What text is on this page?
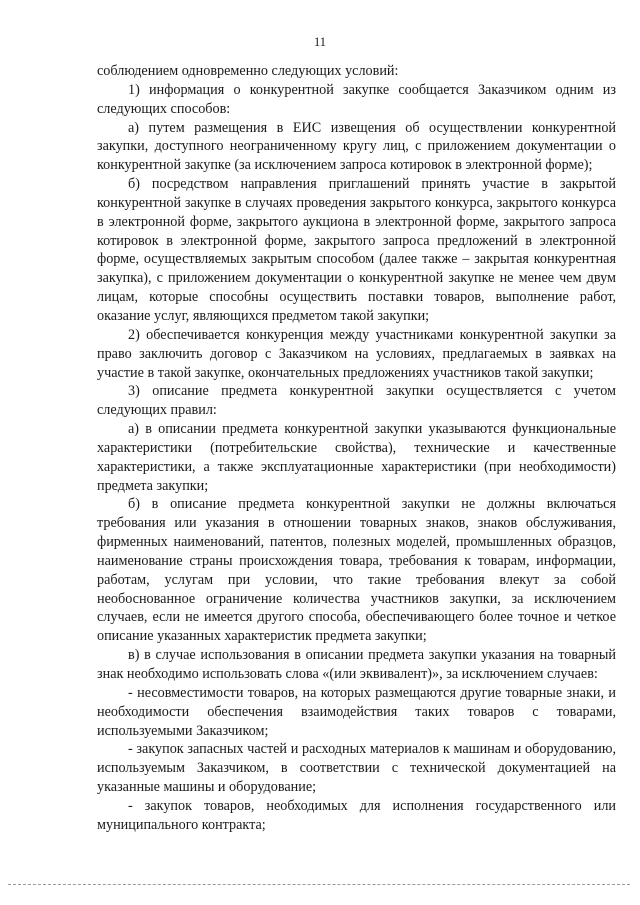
11

соблюдением одновременно следующих условий:

1) информация о конкурентной закупке сообщается Заказчиком одним из следующих способов:

а) путем размещения в ЕИС извещения об осуществлении конкурентной закупки, доступного неограниченному кругу лиц, с приложением документации о конкурентной закупке (за исключением запроса котировок в электронной форме);

б) посредством направления приглашений принять участие в закрытой конкурентной закупке в случаях проведения закрытого конкурса, закрытого конкурса в электронной форме, закрытого аукциона в электронной форме, закрытого запроса котировок в электронной форме, закрытого запроса предложений в электронной форме, осуществляемых закрытым способом (далее также – закрытая конкурентная закупка), с приложением документации о конкурентной закупке не менее чем двум лицам, которые способны осуществить поставки товаров, выполнение работ, оказание услуг, являющихся предметом такой закупки;

2) обеспечивается конкуренция между участниками конкурентной закупки за право заключить договор с Заказчиком на условиях, предлагаемых в заявках на участие в такой закупке, окончательных предложениях участников такой закупки;

3) описание предмета конкурентной закупки осуществляется с учетом следующих правил:

а) в описании предмета конкурентной закупки указываются функциональные характеристики (потребительские свойства), технические и качественные характеристики, а также эксплуатационные характеристики (при необходимости) предмета закупки;

б) в описание предмета конкурентной закупки не должны включаться требования или указания в отношении товарных знаков, знаков обслуживания, фирменных наименований, патентов, полезных моделей, промышленных образцов, наименование страны происхождения товара, требования к товарам, информации, работам, услугам при условии, что такие требования влекут за собой необоснованное ограничение количества участников закупки, за исключением случаев, если не имеется другого способа, обеспечивающего более точное и четкое описание указанных характеристик предмета закупки;

в) в случае использования в описании предмета закупки указания на товарный знак необходимо использовать слова «(или эквивалент)», за исключением случаев:

- несовместимости товаров, на которых размещаются другие товарные знаки, и необходимости обеспечения взаимодействия таких товаров с товарами, используемыми Заказчиком;

- закупок запасных частей и расходных материалов к машинам и оборудованию, используемым Заказчиком, в соответствии с технической документацией на указанные машины и оборудование;

- закупок товаров, необходимых для исполнения государственного или муниципального контракта;
